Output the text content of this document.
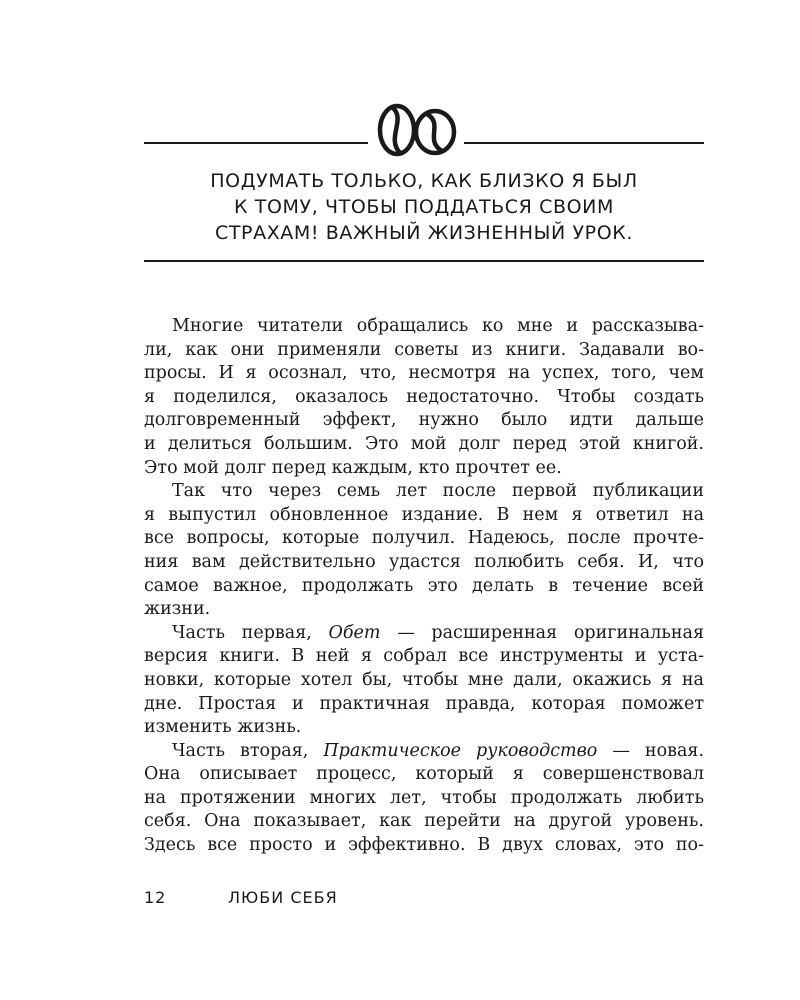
ПОДУМАТЬ ТОЛЬКО, КАК БЛИЗКО Я БЫЛ
К ТОМУ, ЧТОБЫ ПОДДАТЬСЯ СВОИМ
СТРАХАМ! ВАЖНЫЙ ЖИЗНЕННЫЙ УРОК.
Многие читатели обращались ко мне и рассказыва-
ли, как они применяли советы из книги. Задавали во-
просы. И я осознал, что, несмотря на успех, того, чем
я поделился, оказалось недостаточно. Чтобы создать
долговременный эффект, нужно было идти дальше
и делиться большим. Это мой долг перед этой книгой.
Это мой долг перед каждым, кто прочтет ее.
Так что через семь лет после первой публикации
я выпустил обновленное издание. В нем я ответил на
все вопросы, которые получил. Надеюсь, после прочте-
ния вам действительно удастся полюбить себя. И, что
самое важное, продолжать это делать в течение всей
жизни.
Часть первая, Обет — расширенная оригинальная
версия книги. В ней я собрал все инструменты и уста-
новки, которые хотел бы, чтобы мне дали, окажись я на
дне. Простая и практичная правда, которая поможет
изменить жизнь.
Часть вторая, Практическое руководство — новая.
Она описывает процесс, который я совершенствовал
на протяжении многих лет, чтобы продолжать любить
себя. Она показывает, как перейти на другой уровень.
Здесь все просто и эффективно. В двух словах, это по-
12	ЛЮБИ СЕБЯ
